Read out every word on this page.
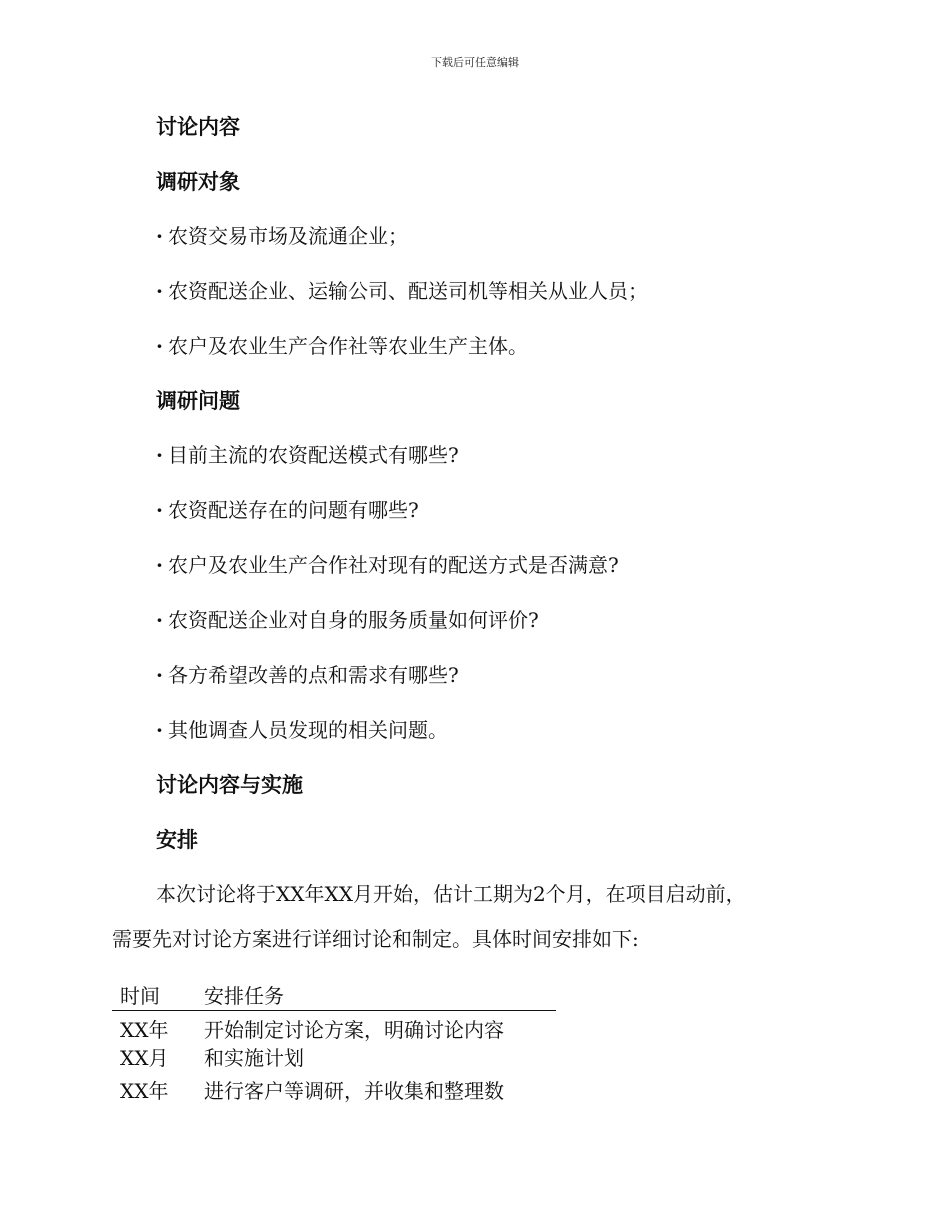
下载后可任意编辑
讨论内容
调研对象
· 农资交易市场及流通企业；
· 农资配送企业、运输公司、配送司机等相关从业人员；
· 农户及农业生产合作社等农业生产主体。
调研问题
· 目前主流的农资配送模式有哪些?
· 农资配送存在的问题有哪些?
· 农户及农业生产合作社对现有的配送方式是否满意?
· 农资配送企业对自身的服务质量如何评价?
· 各方希望改善的点和需求有哪些?
· 其他调查人员发现的相关问题。
讨论内容与实施
安排
本次讨论将于XX年XX月开始，估计工期为2个月，在项目启动前，
需要先对讨论方案进行详细讨论和制定。具体时间安排如下:
时间	安排任务
XX年
XX月
开始制定讨论方案，明确讨论内容
和实施计划
XX年	进行客户等调研，并收集和整理数
